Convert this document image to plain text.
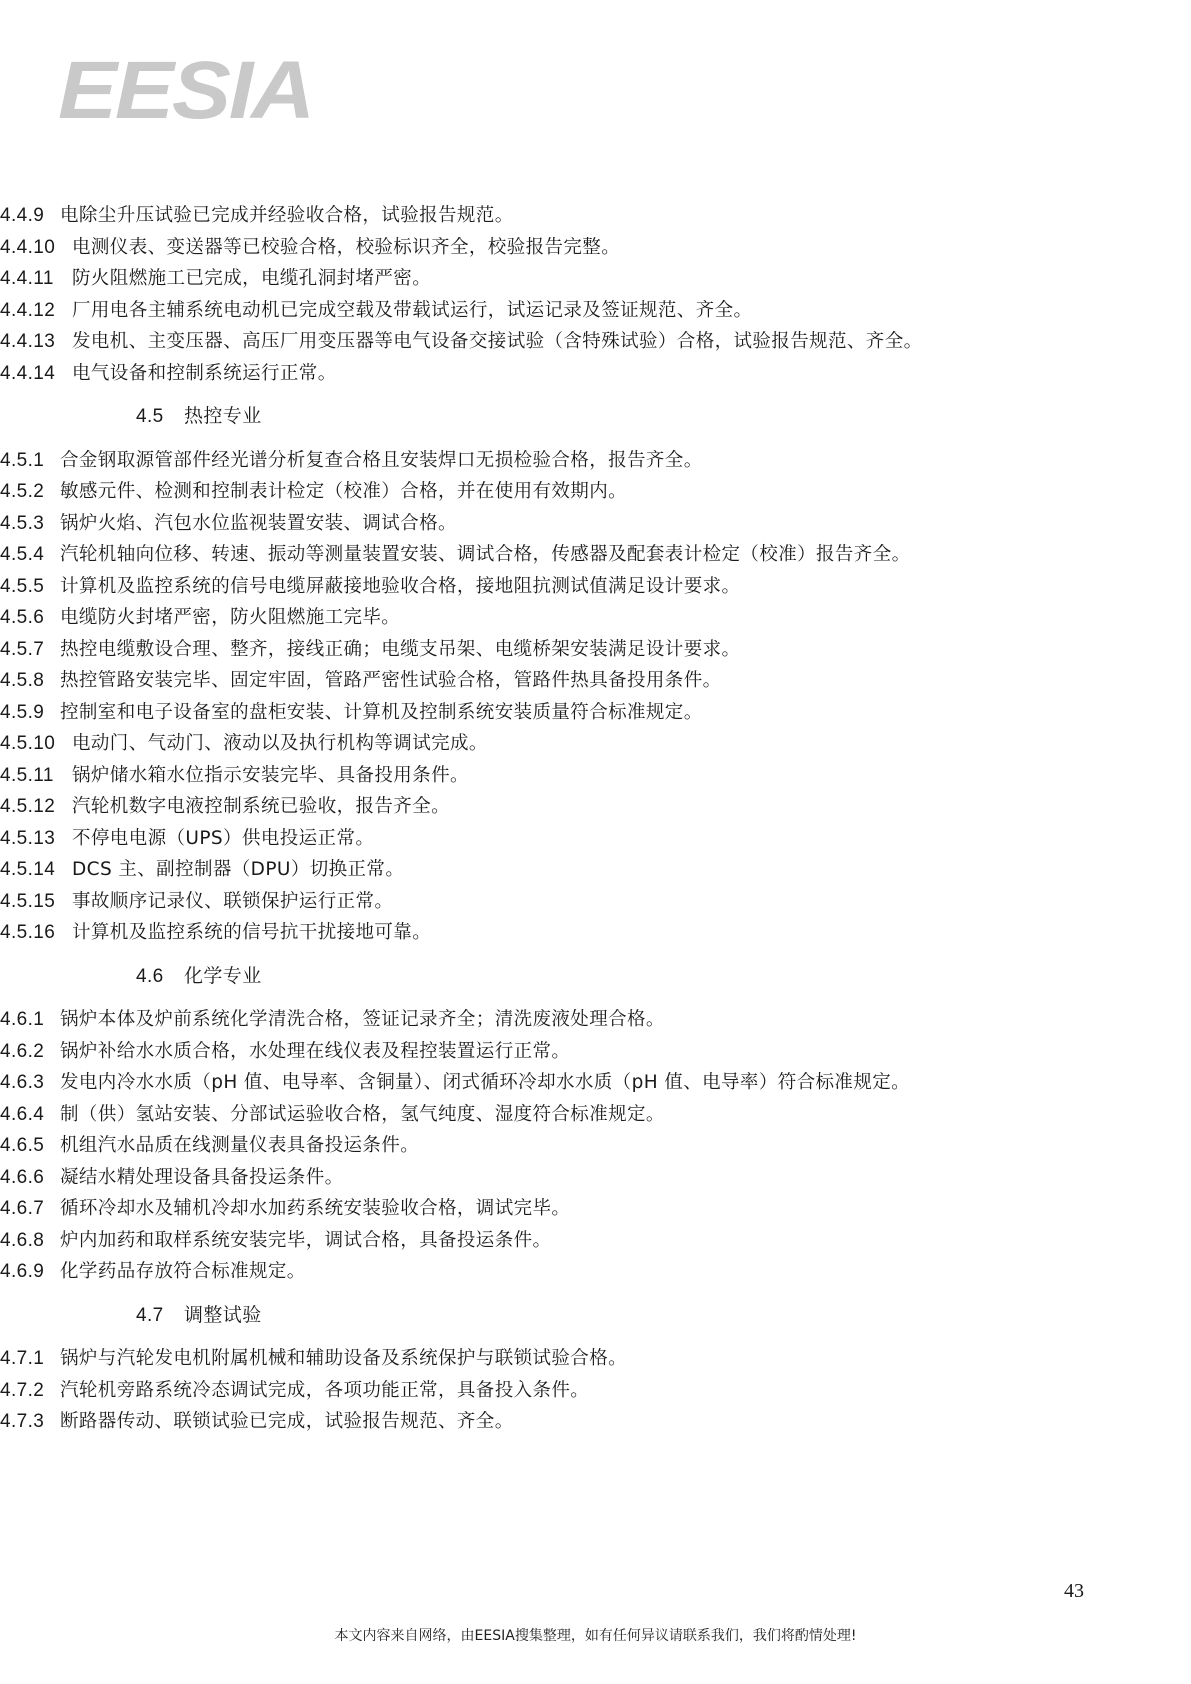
EESIA
4.4.9 电除尘升压试验已完成并经验收合格，试验报告规范。
4.4.10 电测仪表、变送器等已校验合格，校验标识齐全，校验报告完整。
4.4.11 防火阻燃施工已完成，电缆孔洞封堵严密。
4.4.12 厂用电各主辅系统电动机已完成空载及带载试运行，试运记录及签证规范、齐全。
4.4.13 发电机、主变压器、高压厂用变压器等电气设备交接试验（含特殊试验）合格，试验报告规范、齐全。
4.4.14 电气设备和控制系统运行正常。
4.5 热控专业
4.5.1 合金钢取源管部件经光谱分析复查合格且安装焊口无损检验合格，报告齐全。
4.5.2 敏感元件、检测和控制表计检定（校准）合格，并在使用有效期内。
4.5.3 锅炉火焰、汽包水位监视装置安装、调试合格。
4.5.4 汽轮机轴向位移、转速、振动等测量装置安装、调试合格，传感器及配套表计检定（校准）报告齐全。
4.5.5 计算机及监控系统的信号电缆屏蔽接地验收合格，接地阻抗测试值满足设计要求。
4.5.6 电缆防火封堵严密，防火阻燃施工完毕。
4.5.7 热控电缆敷设合理、整齐，接线正确；电缆支吊架、电缆桥架安装满足设计要求。
4.5.8 热控管路安装完毕、固定牢固，管路严密性试验合格，管路件热具备投用条件。
4.5.9 控制室和电子设备室的盘柜安装、计算机及控制系统安装质量符合标准规定。
4.5.10 电动门、气动门、液动以及执行机构等调试完成。
4.5.11 锅炉储水箱水位指示安装完毕、具备投用条件。
4.5.12 汽轮机数字电液控制系统已验收，报告齐全。
4.5.13 不停电电源（UPS）供电投运正常。
4.5.14 DCS 主、副控制器（DPU）切换正常。
4.5.15 事故顺序记录仪、联锁保护运行正常。
4.5.16 计算机及监控系统的信号抗干扰接地可靠。
4.6 化学专业
4.6.1 锅炉本体及炉前系统化学清洗合格，签证记录齐全；清洗废液处理合格。
4.6.2 锅炉补给水水质合格，水处理在线仪表及程控装置运行正常。
4.6.3 发电内冷水水质（pH 值、电导率、含铜量）、闭式循环冷却水水质（pH 值、电导率）符合标准规定。
4.6.4 制（供）氢站安装、分部试运验收合格，氢气纯度、湿度符合标准规定。
4.6.5 机组汽水品质在线测量仪表具备投运条件。
4.6.6 凝结水精处理设备具备投运条件。
4.6.7 循环冷却水及辅机冷却水加药系统安装验收合格，调试完毕。
4.6.8 炉内加药和取样系统安装完毕，调试合格，具备投运条件。
4.6.9 化学药品存放符合标准规定。
4.7 调整试验
4.7.1 锅炉与汽轮发电机附属机械和辅助设备及系统保护与联锁试验合格。
4.7.2 汽轮机旁路系统冷态调试完成，各项功能正常，具备投入条件。
4.7.3 断路器传动、联锁试验已完成，试验报告规范、齐全。
43
本文内容来自网络，由EESIA搜集整理，如有任何异议请联系我们，我们将酌情处理!
